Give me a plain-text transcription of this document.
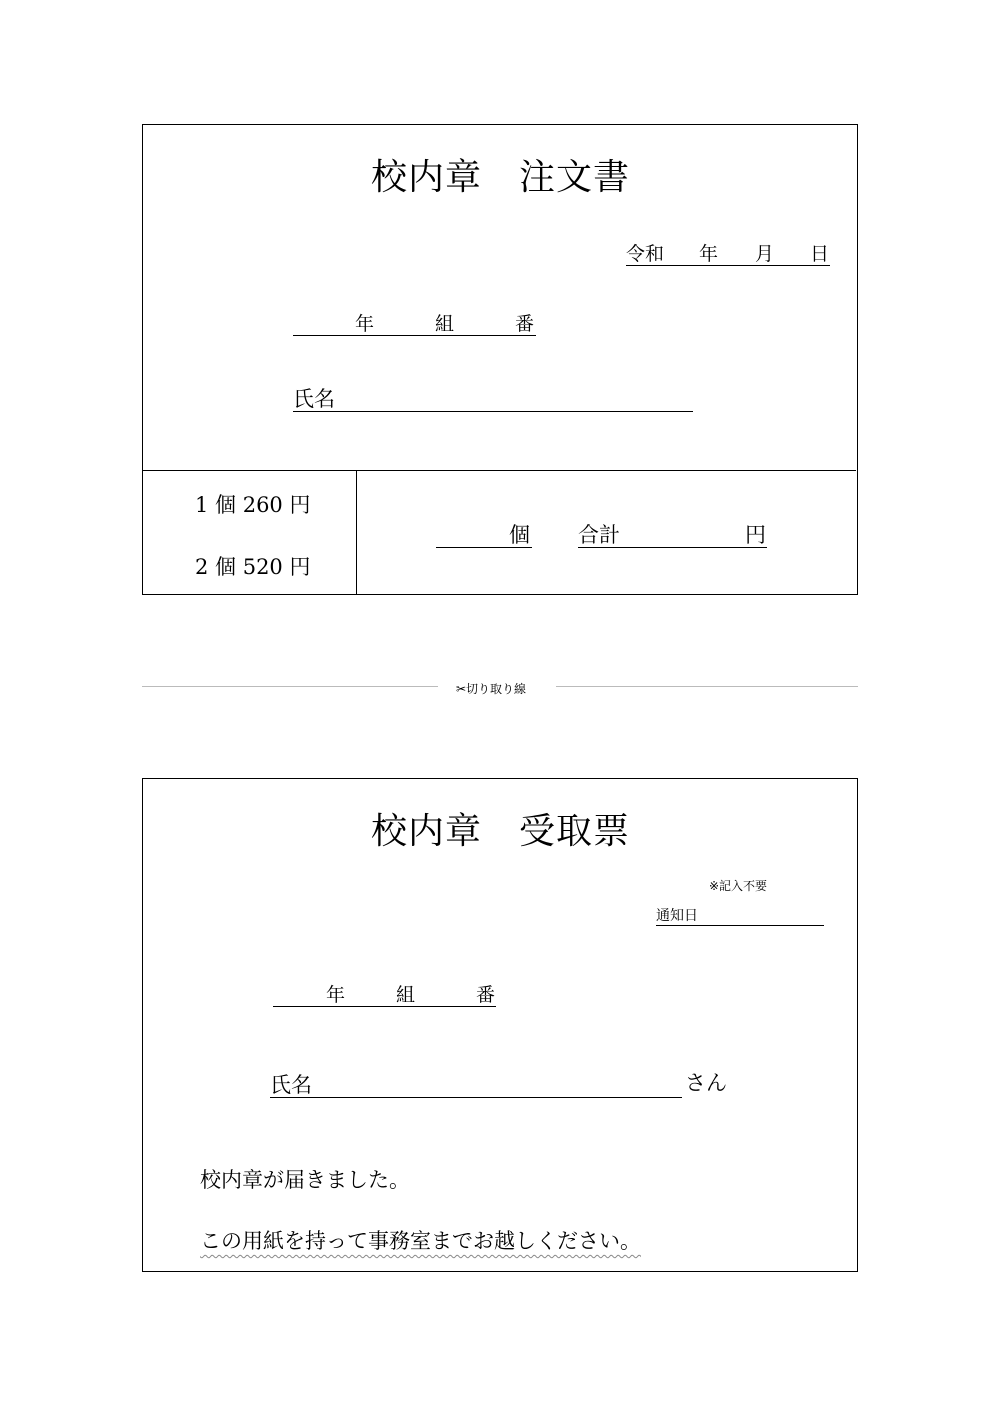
校内章　注文書
令和 年 月 日
年	組	番
氏名
1 個 260 円
2 個 520 円
個 合計	円
✂切り取り線
校内章　受取票
※記入不要
通知日
年	組	番
氏名	さん
校内章が届きました。
この用紙を持って事務室までお越しください。
